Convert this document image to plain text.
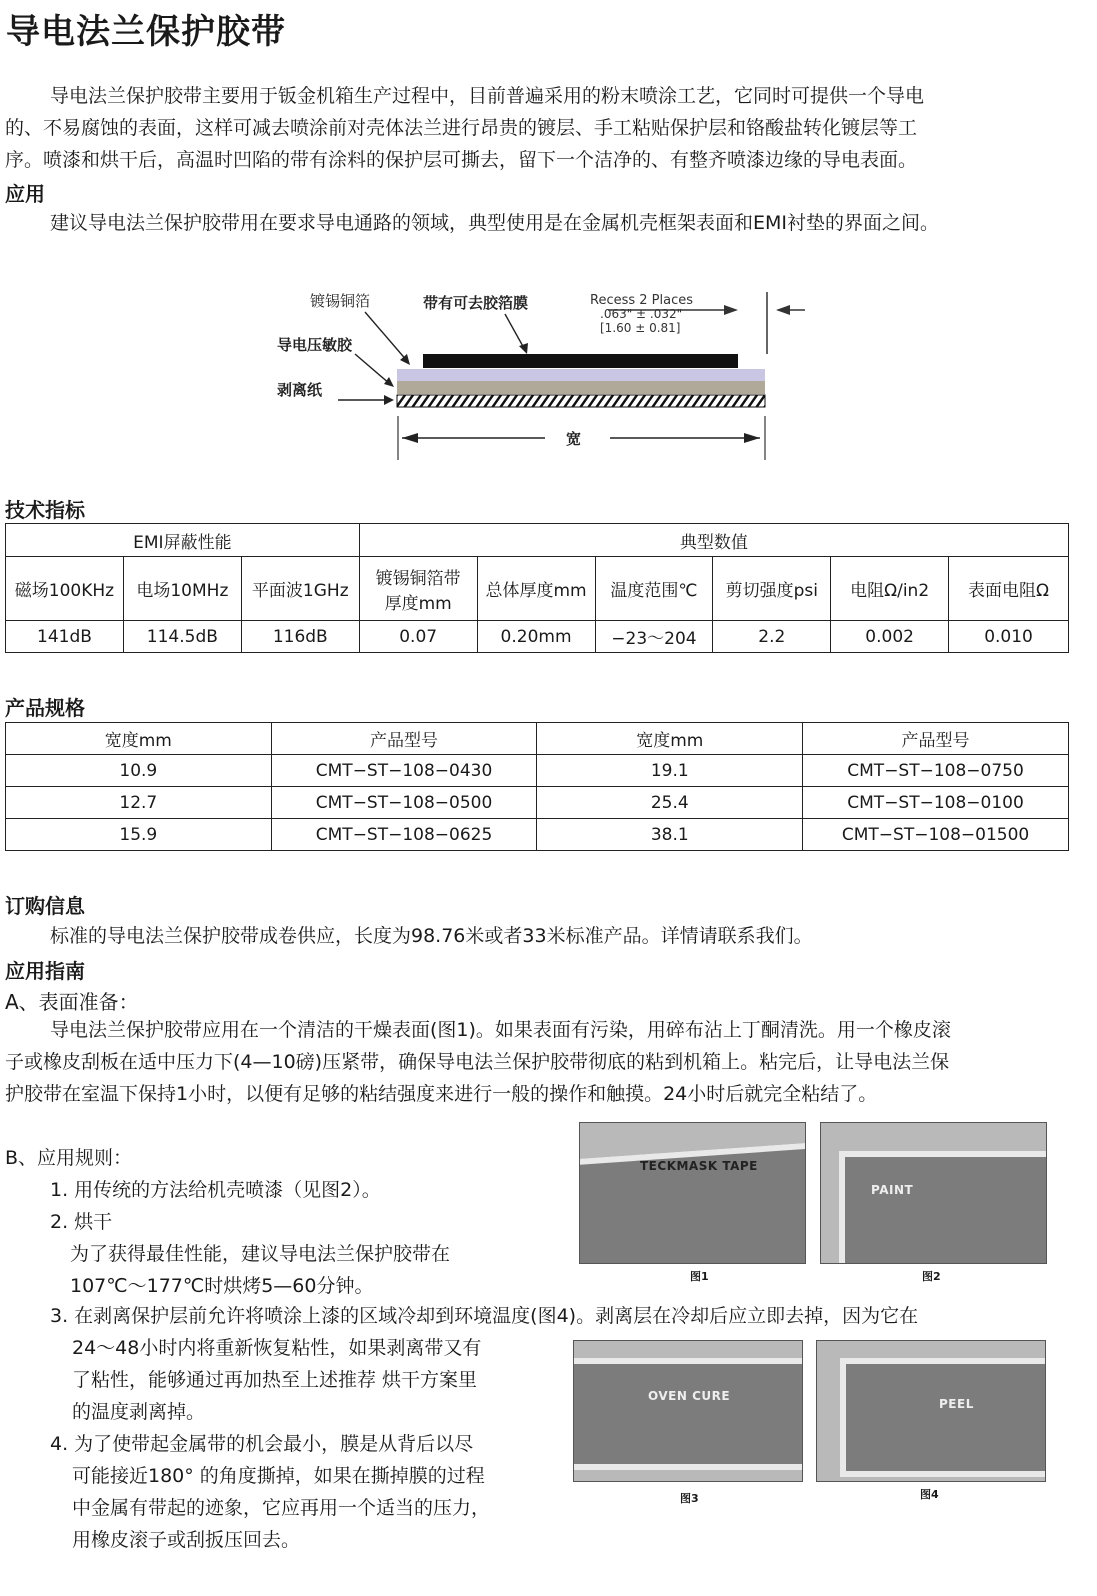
导电法兰保护胶带
导电法兰保护胶带主要用于钣金机箱生产过程中，目前普遍采用的粉末喷涂工艺，它同时可提供一个导电
的、不易腐蚀的表面，这样可减去喷涂前对壳体法兰进行昂贵的镀层、手工粘贴保护层和铬酸盐转化镀层等工
序。喷漆和烘干后，高温时凹陷的带有涂料的保护层可撕去，留下一个洁净的、有整齐喷漆边缘的导电表面。
应用
建议导电法兰保护胶带用在要求导电通路的领域，典型使用是在金属机壳框架表面和EMI衬垫的界面之间。
宽
Recess 2 Places
.063" ± .032"
[1.60 ± 0.81]
镀锡铜箔	带有可去胶箔膜
导电压敏胶
剥离纸
技术指标
EMI屏蔽性能			典型数值					
磁场100KHz	电场10MHz	平面波1GHz	镀锡铜箔带
厚度mm	总体厚度mm	温度范围℃	剪切强度psi	电阻Ω/in2	表面电阻Ω
141dB	114.5dB	116dB	0.07	0.20mm	−23～204	2.2	0.002	0.010
产品规格
宽度mm	产品型号	宽度mm	产品型号
10.9	CMT−ST−108−0430	19.1	CMT−ST−108−0750
12.7	CMT−ST−108−0500	25.4	CMT−ST−108−0100
15.9	CMT−ST−108−0625	38.1	CMT−ST−108−01500
订购信息
标准的导电法兰保护胶带成卷供应，长度为98.76米或者33米标准产品。详情请联系我们。
应用指南
A、表面准备：
导电法兰保护胶带应用在一个清洁的干燥表面(图1)。如果表面有污染，用碎布沾上丁酮清洗。用一个橡皮滚
子或橡皮刮板在适中压力下(4—10磅)压紧带，确保导电法兰保护胶带彻底的粘到机箱上。粘完后，让导电法兰保
护胶带在室温下保持1小时，以便有足够的粘结强度来进行一般的操作和触摸。24小时后就完全粘结了。
B、应用规则：
1. 用传统的方法给机壳喷漆（见图2）。
2. 烘干
为了获得最佳性能，建议导电法兰保护胶带在
107℃～177℃时烘烤5—60分钟。
3. 在剥离保护层前允许将喷涂上漆的区域冷却到环境温度(图4)。剥离层在冷却后应立即去掉，因为它在
24～48小时内将重新恢复粘性，如果剥离带又有
了粘性，能够通过再加热至上述推荐 烘干方案里
的温度剥离掉。
4. 为了使带起金属带的机会最小，膜是从背后以尽
可能接近180° 的角度撕掉，如果在撕掉膜的过程
中金属有带起的迹象，它应再用一个适当的压力，
用橡皮滚子或刮扳压回去。
TECKMASK TAPE
图1
PAINT
图2
OVEN CURE
图3
PEEL
图4
